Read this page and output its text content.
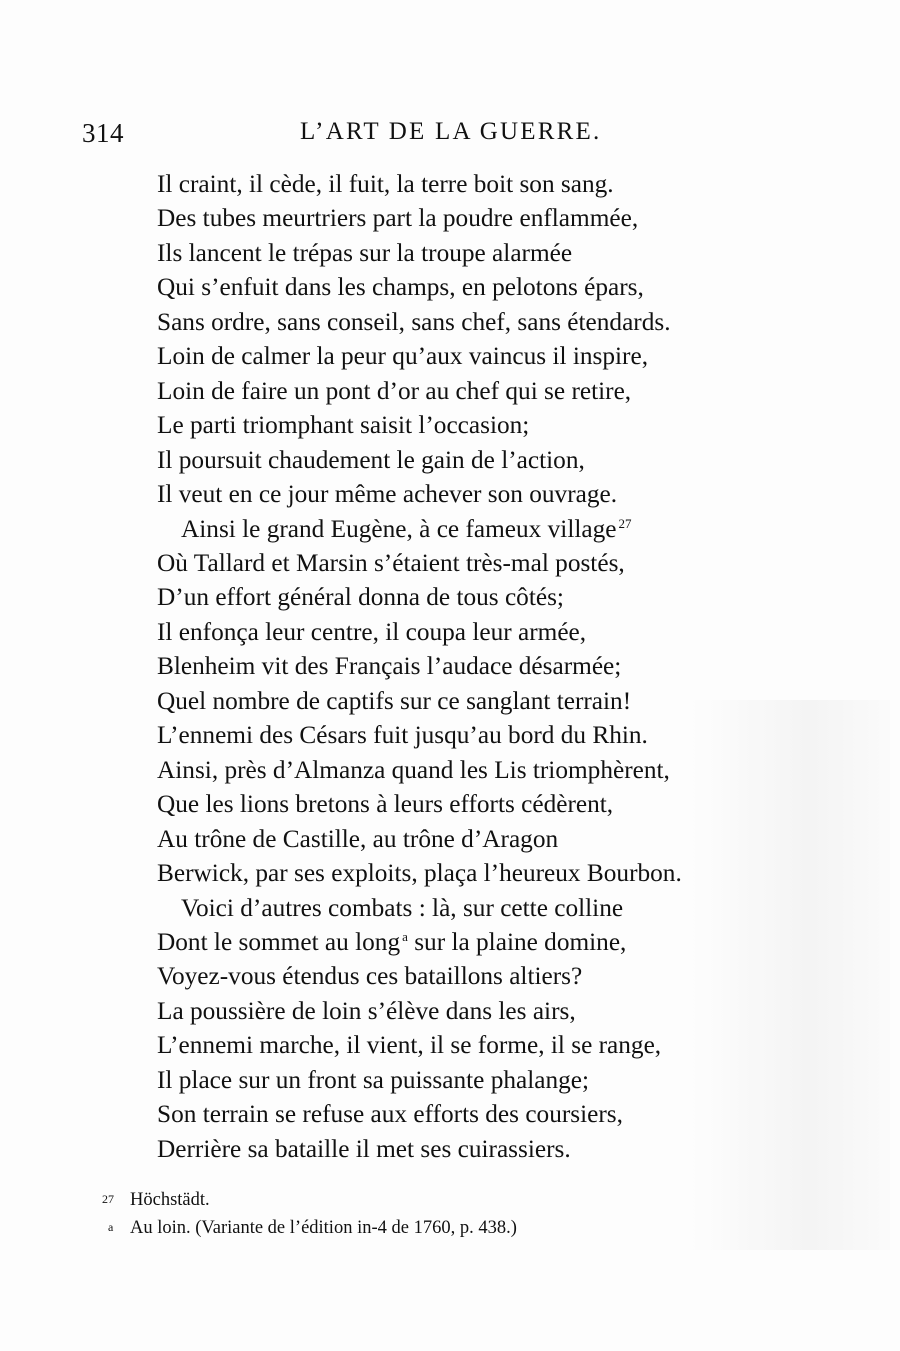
314	L’ART DE LA GUERRE.
Il craint, il cède, il fuit, la terre boit son sang.
Des tubes meurtriers part la poudre enflammée,
Ils lancent le trépas sur la troupe alarmée
Qui s’enfuit dans les champs, en pelotons épars,
Sans ordre, sans conseil, sans chef, sans étendards.
Loin de calmer la peur qu’aux vaincus il inspire,
Loin de faire un pont d’or au chef qui se retire,
Le parti triomphant saisit l’occasion;
Il poursuit chaudement le gain de l’action,
Il veut en ce jour même achever son ouvrage.
Ainsi le grand Eugène, à ce fameux village $^{27}$
Où Tallard et Marsin s’étaient très-mal postés,
D’un effort général donna de tous côtés;
Il enfonça leur centre, il coupa leur armée,
Blenheim vit des Français l’audace désarmée;
Quel nombre de captifs sur ce sanglant terrain!
L’ennemi des Césars fuit jusqu’au bord du Rhin.
Ainsi, près d’Almanza quand les Lis triomphèrent,
Que les lions bretons à leurs efforts cédèrent,
Au trône de Castille, au trône d’Aragon
Berwick, par ses exploits, plaça l’heureux Bourbon.
Voici d’autres combats : là, sur cette colline
Dont le sommet au long $^a$ sur la plaine domine,
Voyez-vous étendus ces bataillons altiers?
La poussière de loin s’élève dans les airs,
L’ennemi marche, il vient, il se forme, il se range,
Il place sur un front sa puissante phalange;
Son terrain se refuse aux efforts des coursiers,
Derrière sa bataille il met ses cuirassiers.
27 Höchstädt.
a Au loin. (Variante de l’édition in-4 de 1760, p. 438.)
